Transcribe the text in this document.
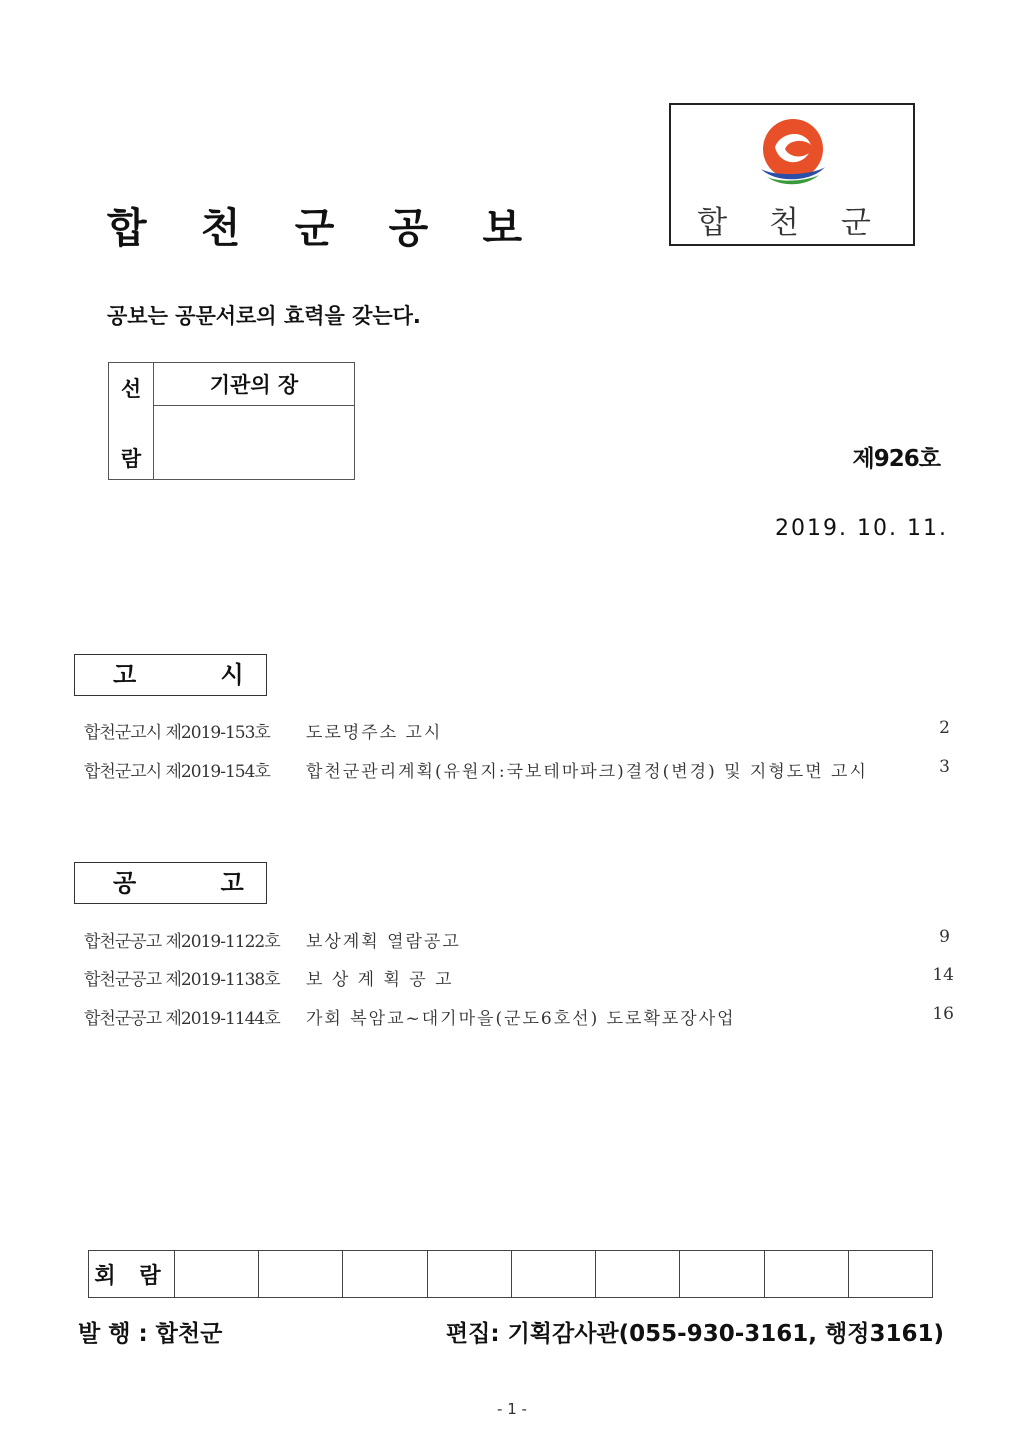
합 천 군 공 보	합 천 군
공보는 공문서로의 효력을 갖는다.
선
람
	기관의 장

제926호
2019. 10. 11.
고 시
합천군고시 제2019-153호 도로명주소 고시	2
합천군고시 제2019-154호 합천군관리계획(유원지:국보테마파크)결정(변경) 및 지형도면 고시	3
공 고
합천군공고 제2019-1122호 보상계획 열람공고	9
합천군공고 제2019-1138호 보 상 계 획 공 고	14
합천군공고 제2019-1144호 가회 복암교~대기마을(군도6호선) 도로확포장사업	16
회 람									
발 행 : 합천군	편집: 기획감사관(055-930-3161, 행정3161)
- 1 -
